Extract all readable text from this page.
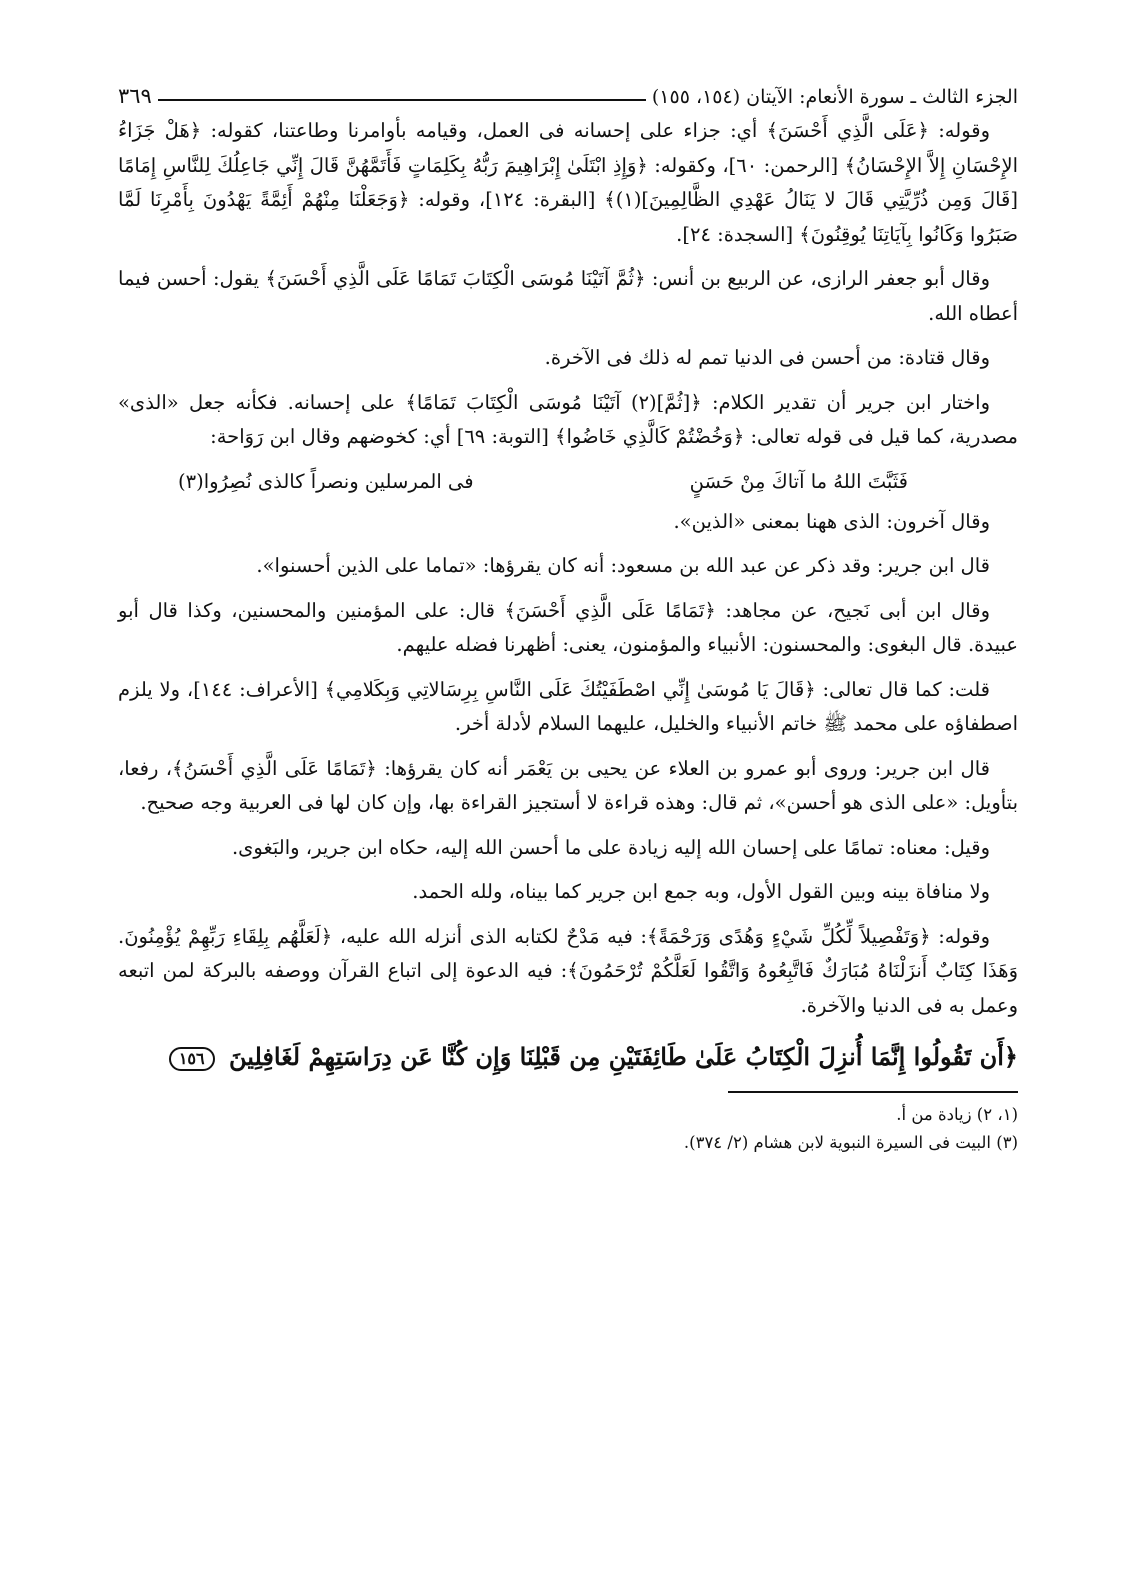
الجزء الثالث ـ سورة الأنعام: الآيتان (١٥٤، ١٥٥)
٣٦٩

وقوله: ﴿عَلَى الَّذِي أَحْسَنَ﴾ أي: جزاء على إحسانه فى العمل، وقيامه بأوامرنا وطاعتنا، كقوله: ﴿هَلْ جَزَاءُ الإِحْسَانِ إِلاَّ الإِحْسَانُ﴾ [الرحمن: ٦٠]، وكقوله: ﴿وَإِذِ ابْتَلَىٰ إِبْرَاهِيمَ رَبُّهُ بِكَلِمَاتٍ فَأَتَمَّهُنَّ قَالَ إِنِّي جَاعِلُكَ لِلنَّاسِ إِمَامًا [قَالَ وَمِن ذُرِّيَّتِي قَالَ لا يَنَالُ عَهْدِي الظَّالِمِينَ](١)﴾ [البقرة: ١٢٤]، وقوله: ﴿وَجَعَلْنَا مِنْهُمْ أَئِمَّةً يَهْدُونَ بِأَمْرِنَا لَمَّا صَبَرُوا وَكَانُوا بِآيَاتِنَا يُوقِنُونَ﴾ [السجدة: ٢٤].

وقال أبو جعفر الرازى، عن الربيع بن أنس: ﴿ثُمَّ آتَيْنَا مُوسَى الْكِتَابَ تَمَامًا عَلَى الَّذِي أَحْسَنَ﴾ يقول: أحسن فيما أعطاه الله.

وقال قتادة: من أحسن فى الدنيا تمم له ذلك فى الآخرة.

واختار ابن جرير أن تقدير الكلام: ﴿[ثُمَّ](٢) آتَيْنَا مُوسَى الْكِتَابَ تَمَامًا﴾ على إحسانه. فكأنه جعل «الذى» مصدرية، كما قيل فى قوله تعالى: ﴿وَخُضْتُمْ كَالَّذِي خَاضُوا﴾ [التوبة: ٦٩] أي: كخوضهم وقال ابن رَوَاحة:

فَثَبَّتَ اللهُ ما آتاكَ مِنْ حَسَنٍ
فى المرسلين ونصراً كالذى نُصِرُوا(٣)

وقال آخرون: الذى ههنا بمعنى «الذين».

قال ابن جرير: وقد ذكر عن عبد الله بن مسعود: أنه كان يقرؤها: «تماما على الذين أحسنوا».

وقال ابن أبى نَجيح، عن مجاهد: ﴿تَمَامًا عَلَى الَّذِي أَحْسَنَ﴾ قال: على المؤمنين والمحسنين، وكذا قال أبو عبيدة. قال البغوى: والمحسنون: الأنبياء والمؤمنون، يعنى: أظهرنا فضله عليهم.

قلت: كما قال تعالى: ﴿قَالَ يَا مُوسَىٰ إِنِّي اصْطَفَيْتُكَ عَلَى النَّاسِ بِرِسَالاتِي وَبِكَلامِي﴾ [الأعراف: ١٤٤]، ولا يلزم اصطفاؤه على محمد ﷺ خاتم الأنبياء والخليل، عليهما السلام لأدلة أخر.

قال ابن جرير: وروى أبو عمرو بن العلاء عن يحيى بن يَعْمَر أنه كان يقرؤها: ﴿تَمَامًا عَلَى الَّذِي أَحْسَنُ﴾، رفعا، بتأويل: «على الذى هو أحسن»، ثم قال: وهذه قراءة لا أستجيز القراءة بها، وإن كان لها فى العربية وجه صحيح.

وقيل: معناه: تمامًا على إحسان الله إليه زيادة على ما أحسن الله إليه، حكاه ابن جرير، والبَغوى.

ولا منافاة بينه وبين القول الأول، وبه جمع ابن جرير كما بيناه، ولله الحمد.

وقوله: ﴿وَتَفْصِيلاً لِّكُلِّ شَيْءٍ وَهُدًى وَرَحْمَةً﴾: فيه مَدْحٌ لكتابه الذى أنزله الله عليه، ﴿لَعَلَّهُم بِلِقَاءِ رَبِّهِمْ يُؤْمِنُونَ. وَهَذَا كِتَابٌ أَنزَلْنَاهُ مُبَارَكٌ فَاتَّبِعُوهُ وَاتَّقُوا لَعَلَّكُمْ تُرْحَمُونَ﴾: فيه الدعوة إلى اتباع القرآن ووصفه بالبركة لمن اتبعه وعمل به فى الدنيا والآخرة.

﴿أَن تَقُولُوا إِنَّمَا أُنزِلَ الْكِتَابُ عَلَىٰ طَائِفَتَيْنِ مِن قَبْلِنَا وَإِن كُنَّا عَن دِرَاسَتِهِمْ لَغَافِلِينَ ١٥٦

(١، ٢) زيادة من أ.

(٣) البيت فى السيرة النبوية لابن هشام (٢/ ٣٧٤).
